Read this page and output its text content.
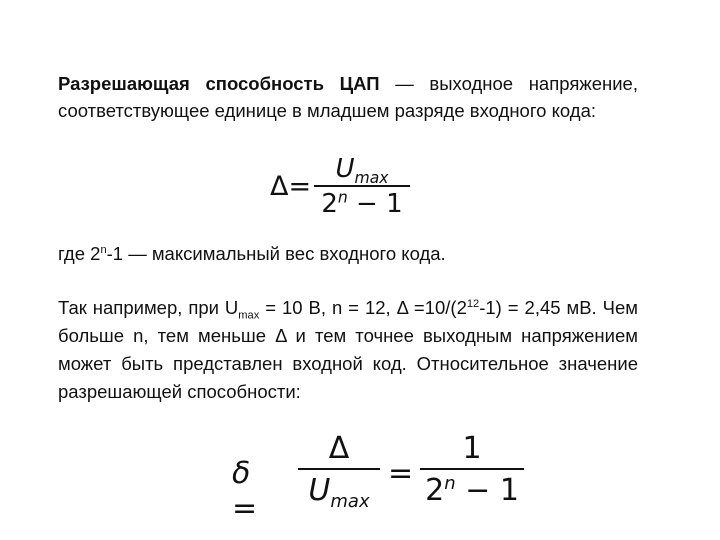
Разрешающая способность ЦАП — выходное напряжение, соответствующее единице в младшем разряде входного кода:
Δ=
$U_{max}$
$2^n - 1$
где 2$^n$-1 — максимальный вес входного кода.
Так например, при $U_{max} = 10$ В, n = 12, $\Delta =10/(2^{12}-1) = 2,45$ мВ. Чем больше n, тем меньше Δ и тем точнее выходным напряжением может быть представлен входной код. Относительное значение разрешающей способности:
δ =
Δ
$U_{max}$
=
1
$2^n - 1$
